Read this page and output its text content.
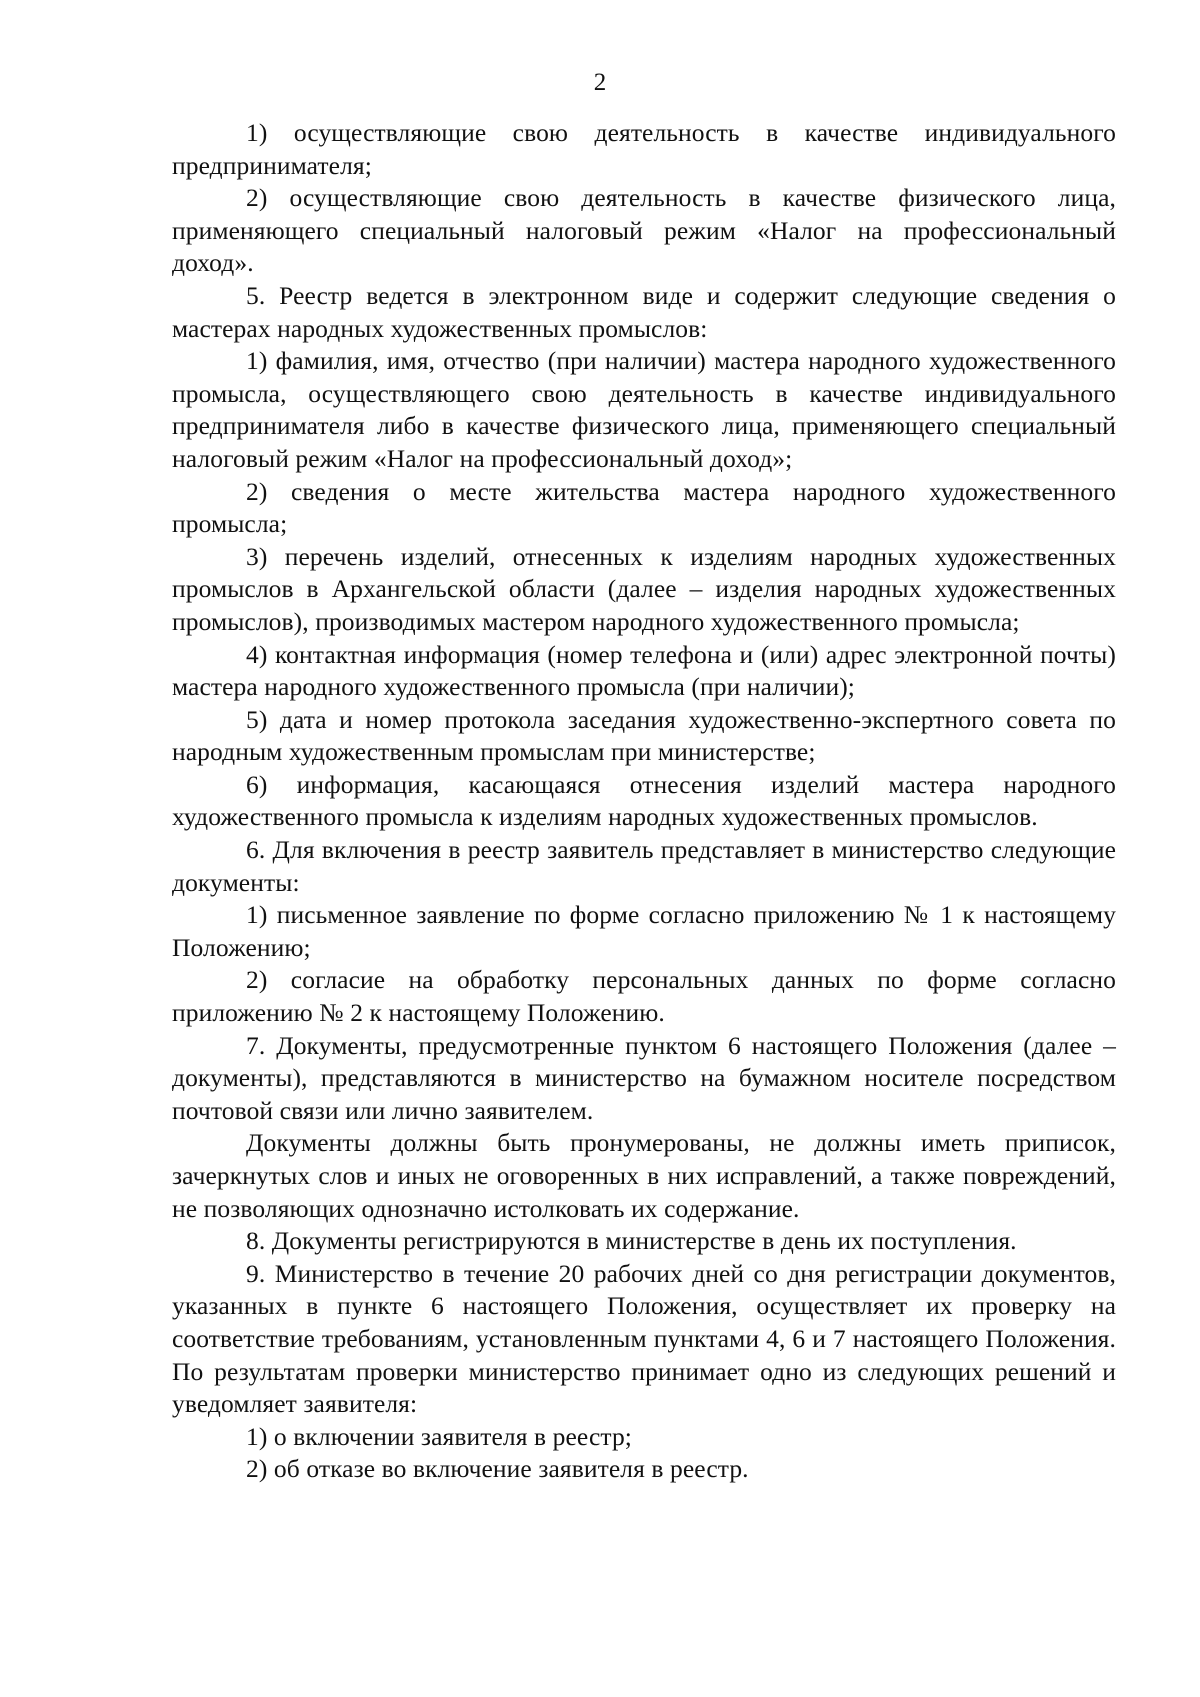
2

1) осуществляющие свою деятельность в качестве индивидуального предпринимателя;

2) осуществляющие свою деятельность в качестве физического лица, применяющего специальный налоговый режим «Налог на профессиональный доход».

5. Реестр ведется в электронном виде и содержит следующие сведения о мастерах народных художественных промыслов:

1) фамилия, имя, отчество (при наличии) мастера народного художественного промысла, осуществляющего свою деятельность в качестве индивидуального предпринимателя либо в качестве физического лица, применяющего специальный налоговый режим «Налог на профессиональный доход»;

2) сведения о месте жительства мастера народного художественного промысла;

3) перечень изделий, отнесенных к изделиям народных художественных промыслов в Архангельской области (далее – изделия народных художественных промыслов), производимых мастером народного художественного промысла;

4) контактная информация (номер телефона и (или) адрес электронной почты) мастера народного художественного промысла (при наличии);

5) дата и номер протокола заседания художественно-экспертного совета по народным художественным промыслам при министерстве;

6) информация, касающаяся отнесения изделий мастера народного художественного промысла к изделиям народных художественных промыслов.

6. Для включения в реестр заявитель представляет в министерство следующие документы:

1) письменное заявление по форме согласно приложению № 1 к настоящему Положению;

2) согласие на обработку персональных данных по форме согласно приложению № 2 к настоящему Положению.

7. Документы, предусмотренные пунктом 6 настоящего Положения (далее – документы), представляются в министерство на бумажном носителе посредством почтовой связи или лично заявителем.

Документы должны быть пронумерованы, не должны иметь приписок, зачеркнутых слов и иных не оговоренных в них исправлений, а также повреждений, не позволяющих однозначно истолковать их содержание.

8. Документы регистрируются в министерстве в день их поступления.

9. Министерство в течение 20 рабочих дней со дня регистрации документов, указанных в пункте 6 настоящего Положения, осуществляет их проверку на соответствие требованиям, установленным пунктами 4, 6 и 7 настоящего Положения. По результатам проверки министерство принимает одно из следующих решений и уведомляет заявителя:

1) о включении заявителя в реестр;

2) об отказе во включение заявителя в реестр.
